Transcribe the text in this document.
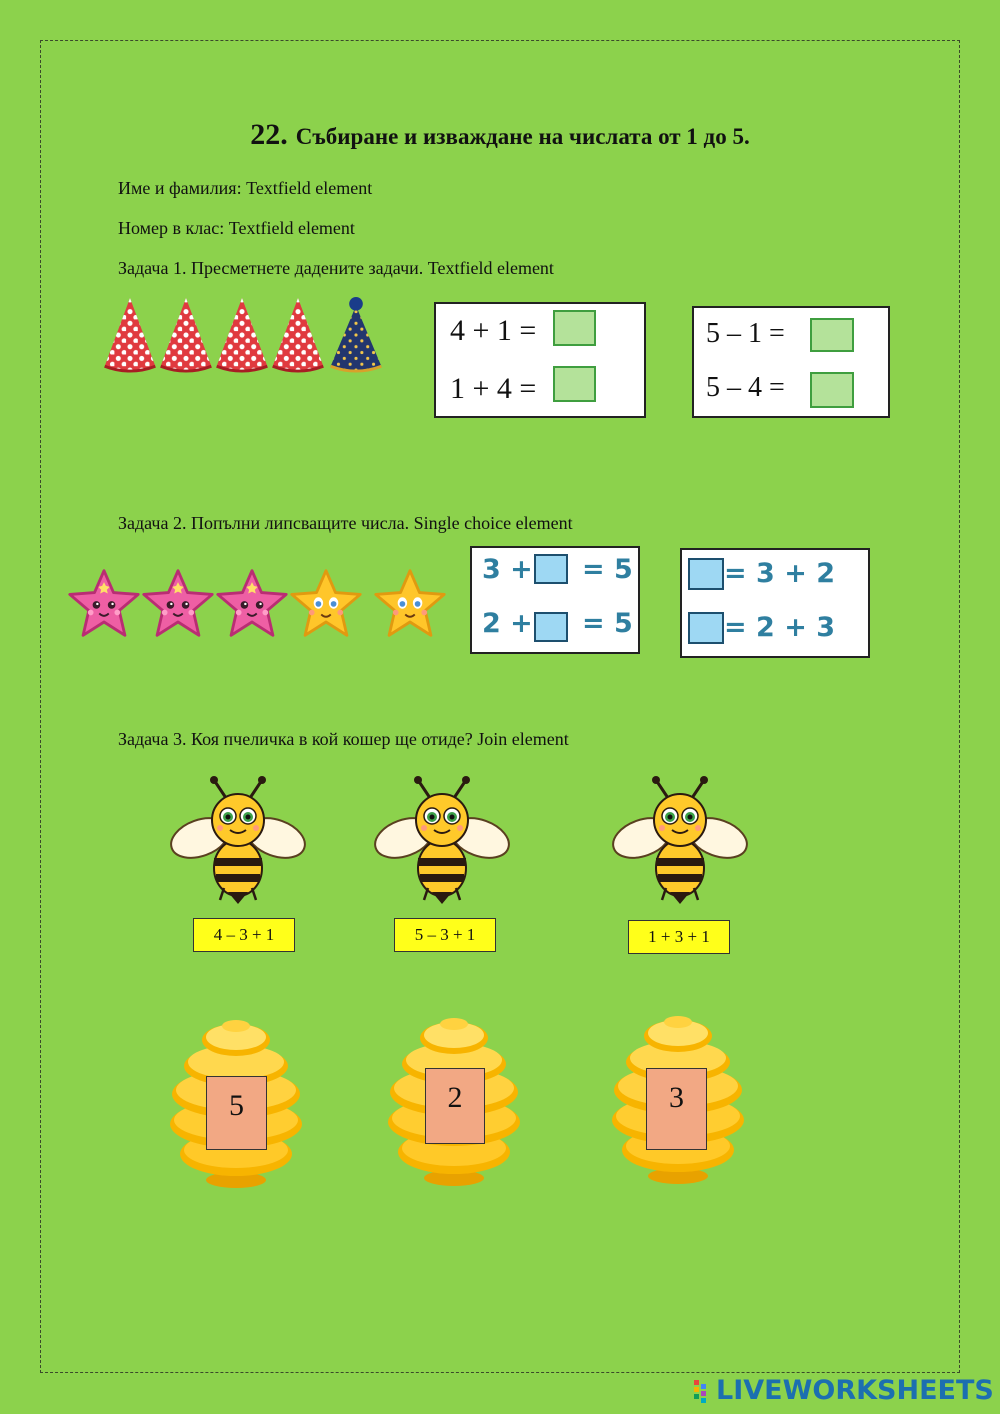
22. Събиране и изваждане на числата от 1 до 5.
Име и фамилия: Textfield element
Номер в клас: Textfield element
Задача 1. Пресметнете дадените задачи. Textfield element
4 + 1 =
1 + 4 =
5 – 1 =
5 – 4 =
Задача 2. Попълни липсващите числа. Single choice element
3 + = 5
2 + = 5
= 3 + 2
= 2 + 3
Задача 3. Коя пчеличка в кой кошер ще отиде? Join element
4 – 3 + 1	5 – 3 + 1	1 + 3 + 1
5	2	3
LIVEWORKSHEETS
